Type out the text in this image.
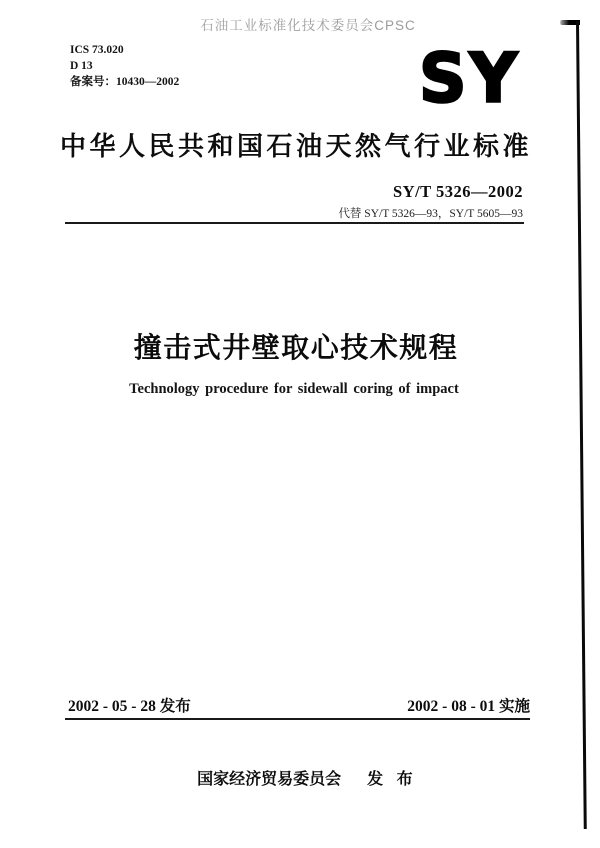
石油工业标准化技术委员会CPSC
ICS 73.020
D 13
备案号：10430—2002	SY
中华人民共和国石油天然气行业标准
SY/T 5326—2002
代替 SY/T 5326—93，SY/T 5605—93
撞击式井壁取心技术规程
Technology procedure for sidewall coring of impact
2002 - 05 - 28 发布	2002 - 08 - 01 实施

国家经济贸易委员会 发 布
